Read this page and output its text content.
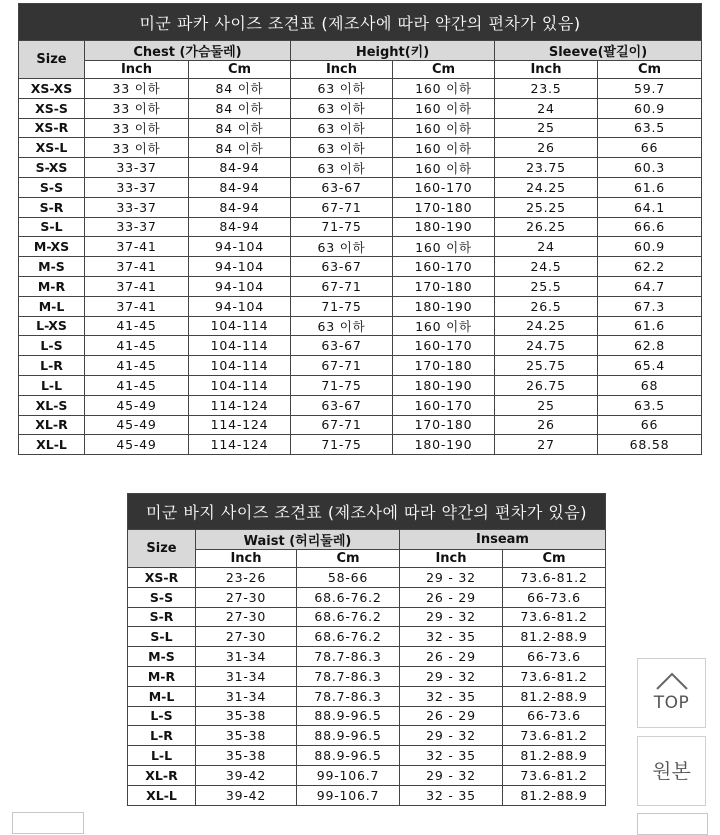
미군 파카 사이즈 조견표 (제조사에 따라 약간의 편차가 있음)						
Size	Chest (가슴둘레)		Height(키)		Sleeve(팔길이)	
	Inch	Cm	Inch	Cm	Inch	Cm
XS-XS	33 이하	84 이하	63 이하	160 이하	23.5	59.7
XS-S	33 이하	84 이하	63 이하	160 이하	24	60.9
XS-R	33 이하	84 이하	63 이하	160 이하	25	63.5
XS-L	33 이하	84 이하	63 이하	160 이하	26	66
S-XS	33-37	84-94	63 이하	160 이하	23.75	60.3
S-S	33-37	84-94	63-67	160-170	24.25	61.6
S-R	33-37	84-94	67-71	170-180	25.25	64.1
S-L	33-37	84-94	71-75	180-190	26.25	66.6
M-XS	37-41	94-104	63 이하	160 이하	24	60.9
M-S	37-41	94-104	63-67	160-170	24.5	62.2
M-R	37-41	94-104	67-71	170-180	25.5	64.7
M-L	37-41	94-104	71-75	180-190	26.5	67.3
L-XS	41-45	104-114	63 이하	160 이하	24.25	61.6
L-S	41-45	104-114	63-67	160-170	24.75	62.8
L-R	41-45	104-114	67-71	170-180	25.75	65.4
L-L	41-45	104-114	71-75	180-190	26.75	68
XL-S	45-49	114-124	63-67	160-170	25	63.5
XL-R	45-49	114-124	67-71	170-180	26	66
XL-L	45-49	114-124	71-75	180-190	27	68.58
미군 바지 사이즈 조견표 (제조사에 따라 약간의 편차가 있음)				
Size	Waist (허리둘레)		Inseam	
	Inch	Cm	Inch	Cm
XS-R	23-26	58-66	29 - 32	73.6-81.2
S-S	27-30	68.6-76.2	26 - 29	66-73.6
S-R	27-30	68.6-76.2	29 - 32	73.6-81.2
S-L	27-30	68.6-76.2	32 - 35	81.2-88.9
M-S	31-34	78.7-86.3	26 - 29	66-73.6
M-R	31-34	78.7-86.3	29 - 32	73.6-81.2
M-L	31-34	78.7-86.3	32 - 35	81.2-88.9
L-S	35-38	88.9-96.5	26 - 29	66-73.6
L-R	35-38	88.9-96.5	29 - 32	73.6-81.2
L-L	35-38	88.9-96.5	32 - 35	81.2-88.9
XL-R	39-42	99-106.7	29 - 32	73.6-81.2
XL-L	39-42	99-106.7	32 - 35	81.2-88.9
TOP
원본
